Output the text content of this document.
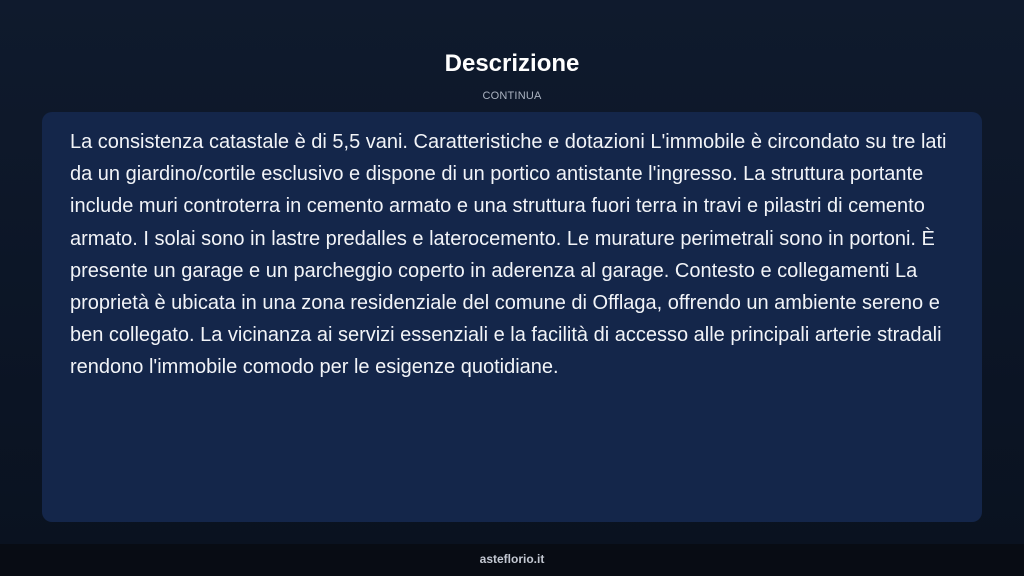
Descrizione
CONTINUA

La consistenza catastale è di 5,5 vani. Caratteristiche e dotazioni L'immobile è circondato su tre lati da un giardino/cortile esclusivo e dispone di un portico antistante l'ingresso. La struttura portante include muri controterra in cemento armato e una struttura fuori terra in travi e pilastri di cemento armato. I solai sono in lastre predalles e laterocemento. Le murature perimetrali sono in portoni. È presente un garage e un parcheggio coperto in aderenza al garage. Contesto e collegamenti La proprietà è ubicata in una zona residenziale del comune di Offlaga, offrendo un ambiente sereno e ben collegato. La vicinanza ai servizi essenziali e la facilità di accesso alle principali arterie stradali rendono l'immobile comodo per le esigenze quotidiane.

asteflorio.it
